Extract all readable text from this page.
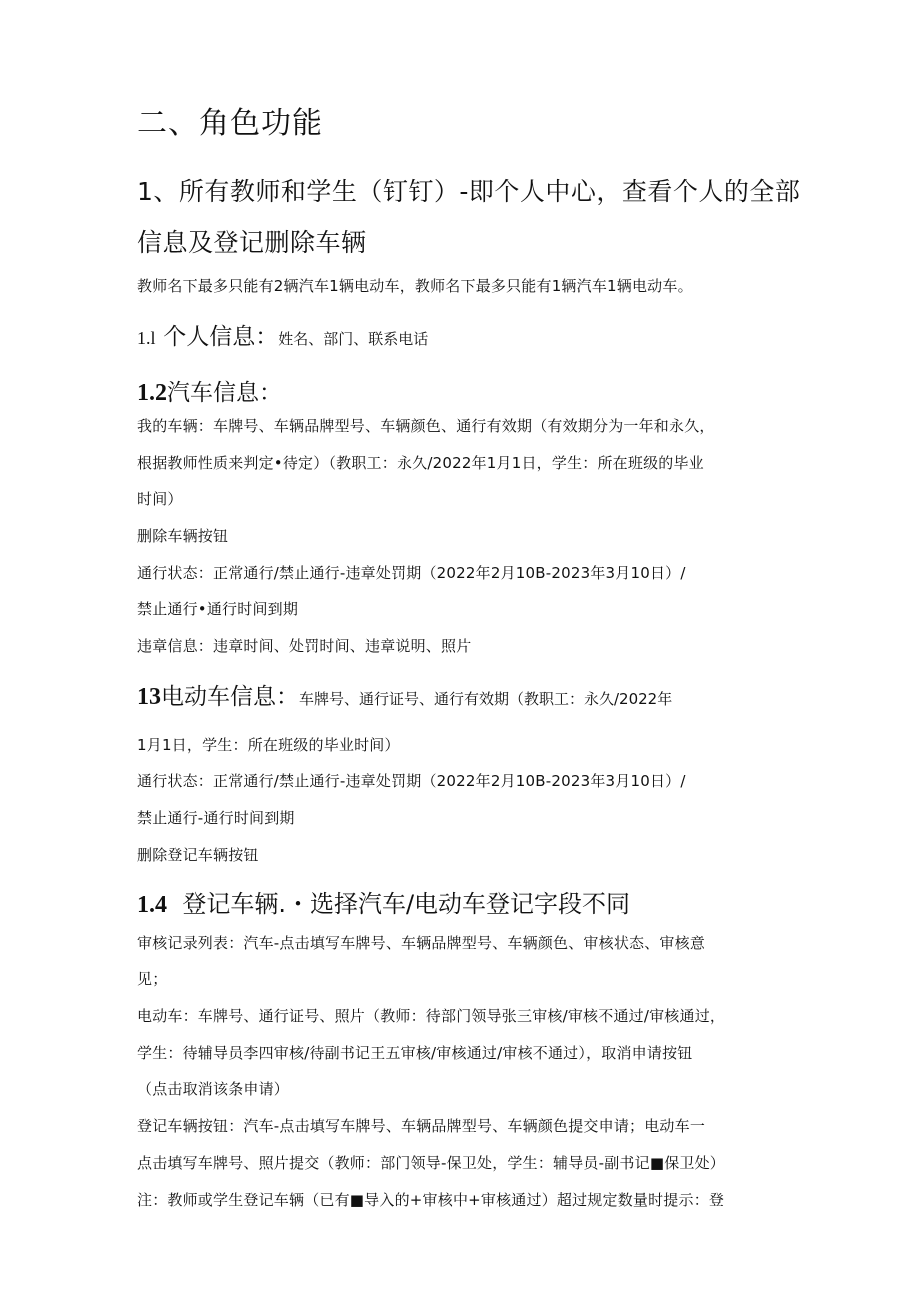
二、角色功能
1、所有教师和学生（钉钉）-即个人中心，查看个人的全部
信息及登记删除车辆
教师名下最多只能有2辆汽车1辆电动车，教师名下最多只能有1辆汽车1辆电动车。
1.l 个人信息：姓名、部门、联系电话
1.2汽车信息：
我的车辆：车牌号、车辆品牌型号、车辆颜色、通行有效期（有效期分为一年和永久，
根据教师性质来判定•待定）（教职工：永久/2022年1月1日，学生：所在班级的毕业
时间）
删除车辆按钮
通行状态：正常通行/禁止通行-违章处罚期（2022年2月10B-2023年3月10日）/
禁止通行•通行时间到期
违章信息：违章时间、处罚时间、违章说明、照片
13电动车信息：车牌号、通行证号、通行有效期（教职工：永久/2022年
1月1日，学生：所在班级的毕业时间）
通行状态：正常通行/禁止通行-违章处罚期（2022年2月10B-2023年3月10日）/
禁止通行-通行时间到期
删除登记车辆按钮
1.4 登记车辆.・选择汽车/电动车登记字段不同
审核记录列表：汽车-点击填写车牌号、车辆品牌型号、车辆颜色、审核状态、审核意
见；
电动车：车牌号、通行证号、照片（教师：待部门领导张三审核/审核不通过/审核通过，
学生：待辅导员李四审核/待副书记王五审核/审核通过/审核不通过），取消申请按钮
（点击取消该条申请）
登记车辆按钮：汽车-点击填写车牌号、车辆品牌型号、车辆颜色提交申请；电动车一
点击填写车牌号、照片提交（教师：部门领导-保卫处，学生：辅导员-副书记■保卫处）
注：教师或学生登记车辆（已有■导入的+审核中+审核通过）超过规定数量时提示：登
